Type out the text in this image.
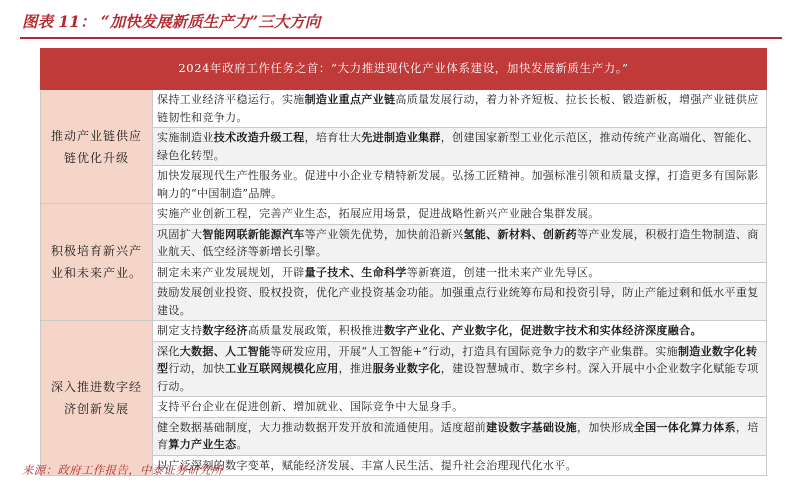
图表 11： “加快发展新质生产力”三大方向
2024年政府工作任务之首：“大力推进现代化产业体系建设，加快发展新质生产力。”	
推动产业链供应链优化升级	保持工业经济平稳运行。实施制造业重点产业链高质量发展行动，着力补齐短板、拉长长板、锻造新板，增强产业链供应链韧性和竞争力。
	实施制造业技术改造升级工程，培育壮大先进制造业集群，创建国家新型工业化示范区，推动传统产业高端化、智能化、绿色化转型。
	加快发展现代生产性服务业。促进中小企业专精特新发展。弘扬工匠精神。加强标准引领和质量支撑，打造更多有国际影响力的“中国制造”品牌。
积极培育新兴产业和未来产业。	实施产业创新工程，完善产业生态，拓展应用场景，促进战略性新兴产业融合集群发展。
	巩固扩大智能网联新能源汽车等产业领先优势，加快前沿新兴氢能、新材料、创新药等产业发展，积极打造生物制造、商业航天、低空经济等新增长引擎。
	制定未来产业发展规划，开辟量子技术、生命科学等新赛道，创建一批未来产业先导区。
	鼓励发展创业投资、股权投资，优化产业投资基金功能。加强重点行业统筹布局和投资引导，防止产能过剩和低水平重复建设。
深入推进数字经济创新发展	制定支持数字经济高质量发展政策，积极推进数字产业化、产业数字化，促进数字技术和实体经济深度融合。
	深化大数据、人工智能等研发应用，开展“人工智能+”行动，打造具有国际竞争力的数字产业集群。实施制造业数字化转型行动，加快工业互联网规模化应用，推进服务业数字化，建设智慧城市、数字乡村。深入开展中小企业数字化赋能专项行动。
	支持平台企业在促进创新、增加就业、国际竞争中大显身手。
	健全数据基础制度，大力推动数据开发开放和流通使用。适度超前建设数字基础设施，加快形成全国一体化算力体系，培育算力产业生态。
	以广泛深刻的数字变革，赋能经济发展、丰富人民生活、提升社会治理现代化水平。
来源：政府工作报告，中泰证券研究所
